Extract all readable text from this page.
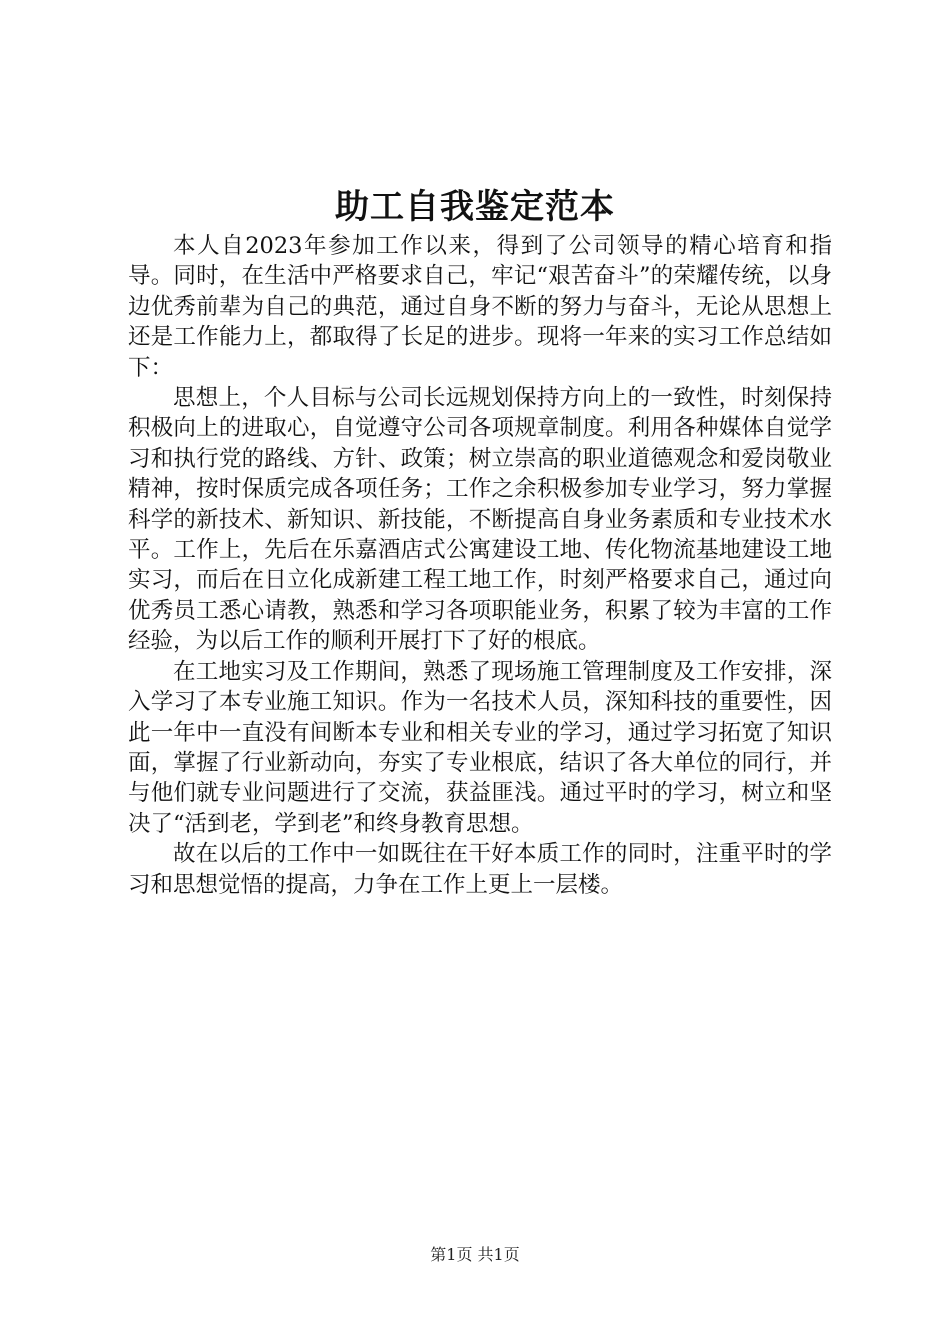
助工自我鉴定范本

本人自2023年参加工作以来，得到了公司领导的精心培育和指导。同时，在生活中严格要求自己，牢记“艰苦奋斗”的荣耀传统，以身边优秀前辈为自己的典范，通过自身不断的努力与奋斗，无论从思想上还是工作能力上，都取得了长足的进步。现将一年来的实习工作总结如下：

思想上，个人目标与公司长远规划保持方向上的一致性，时刻保持积极向上的进取心，自觉遵守公司各项规章制度。利用各种媒体自觉学习和执行党的路线、方针、政策；树立崇高的职业道德观念和爱岗敬业精神，按时保质完成各项任务；工作之余积极参加专业学习，努力掌握科学的新技术、新知识、新技能，不断提高自身业务素质和专业技术水平。工作上，先后在乐嘉酒店式公寓建设工地、传化物流基地建设工地实习，而后在日立化成新建工程工地工作，时刻严格要求自己，通过向优秀员工悉心请教，熟悉和学习各项职能业务，积累了较为丰富的工作经验，为以后工作的顺利开展打下了好的根底。

在工地实习及工作期间，熟悉了现场施工管理制度及工作安排，深入学习了本专业施工知识。作为一名技术人员，深知科技的重要性，因此一年中一直没有间断本专业和相关专业的学习，通过学习拓宽了知识面，掌握了行业新动向，夯实了专业根底，结识了各大单位的同行，并与他们就专业问题进行了交流，获益匪浅。通过平时的学习，树立和坚决了“活到老，学到老”和终身教育思想。

故在以后的工作中一如既往在干好本质工作的同时，注重平时的学习和思想觉悟的提高，力争在工作上更上一层楼。

第1页 共1页
